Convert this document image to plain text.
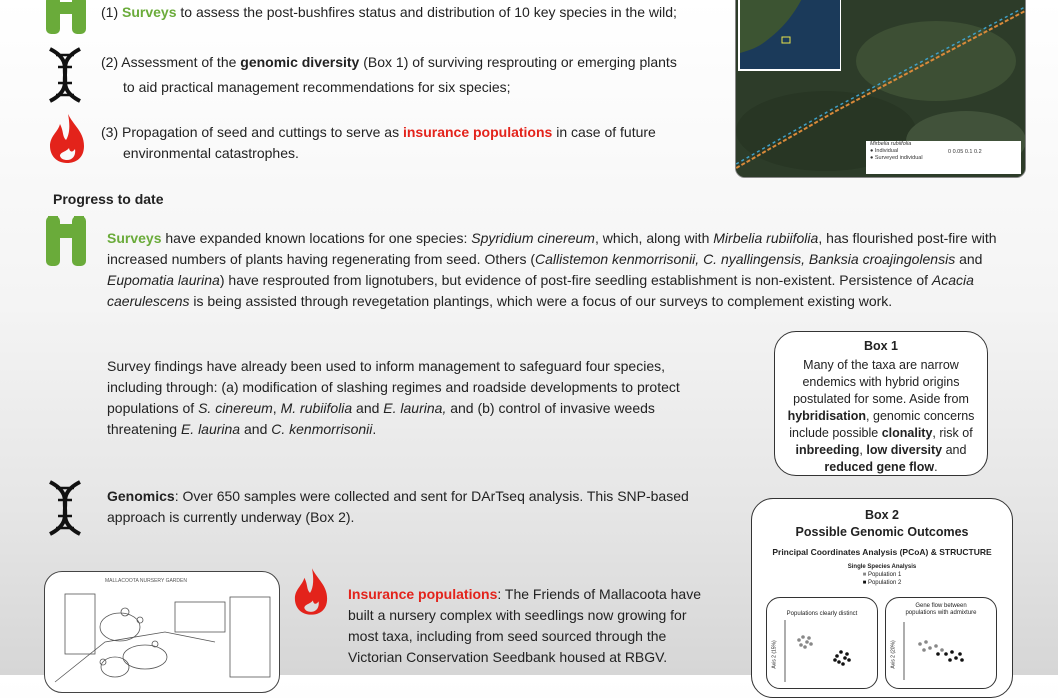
(1) Surveys to assess the post-bushfires status and distribution of 10 key species in the wild;
(2) Assessment of the genomic diversity (Box 1) of surviving resprouting or emerging plants
to aid practical management recommendations for six species;
(3) Propagation of seed and cuttings to serve as insurance populations in case of future
environmental catastrophes.
Mirbelia rubiifolia
● Individual
● Surveyed individual
0 0.05 0.1 0.2
Progress to date
Surveys have expanded known locations for one species: Spyridium cinereum, which, along with Mirbelia rubiifolia, has flourished post-fire with increased numbers of plants having regenerating from seed. Others (Callistemon kenmorrisonii, C. nyallingensis, Banksia croajingolensis and Eupomatia laurina) have resprouted from lignotubers, but evidence of post-fire seedling establishment is non-existent. Persistence of Acacia caerulescens is being assisted through revegetation plantings, which were a focus of our surveys to complement existing work.
Survey findings have already been used to inform management to safeguard four species, including through: (a) modification of slashing regimes and roadside developments to protect populations of S. cinereum, M. rubiifolia and E. laurina, and (b) control of invasive weeds threatening E. laurina and C. kenmorrisonii.
Box 1
Many of the taxa are narrow endemics with hybrid origins postulated for some. Aside from hybridisation, genomic concerns include possible clonality, risk of inbreeding, low diversity and reduced gene flow.
Genomics: Over 650 samples were collected and sent for DArTseq analysis. This SNP-based approach is currently underway (Box 2).
MALLACOOTA NURSERY GARDEN
Insurance populations: The Friends of Mallacoota have built a nursery complex with seedlings now growing for most taxa, including from seed sourced through the Victorian Conservation Seedbank housed at RBGV.
Box 2
Possible Genomic Outcomes
Principal Coordinates Analysis (PCoA) & STRUCTURE
Single Species Analysis
■ Population 1
■ Population 2
Populations clearly distinct
Axis 2 (15%)
Gene flow between
populations with admixture
Axis 2 (20%)
